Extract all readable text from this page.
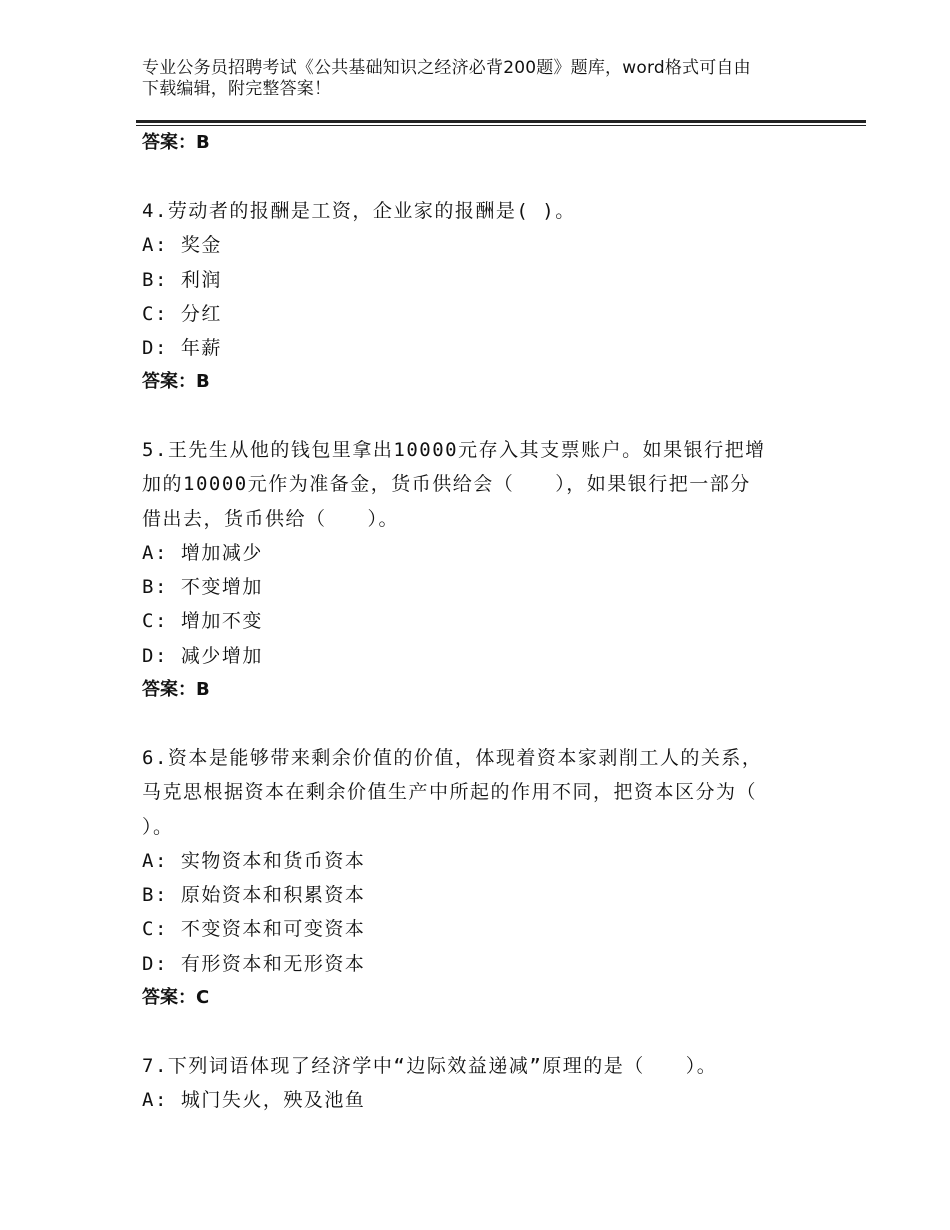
专业公务员招聘考试《公共基础知识之经济必背200题》题库，word格式可自由
下载编辑，附完整答案！
答案：B
4.劳动者的报酬是工资，企业家的报酬是( )。
A: 奖金
B: 利润
C: 分红
D: 年薪
答案：B
5.王先生从他的钱包里拿出10000元存入其支票账户。如果银行把增
加的10000元作为准备金，货币供给会（　　），如果银行把一部分
借出去，货币供给（　　）。
A: 增加减少
B: 不变增加
C: 增加不变
D: 减少增加
答案：B
6.资本是能够带来剩余价值的价值，体现着资本家剥削工人的关系，
马克思根据资本在剩余价值生产中所起的作用不同，把资本区分为（
）。
A: 实物资本和货币资本
B: 原始资本和积累资本
C: 不变资本和可变资本
D: 有形资本和无形资本
答案：C
7.下列词语体现了经济学中“边际效益递减”原理的是（　　）。
A: 城门失火，殃及池鱼
